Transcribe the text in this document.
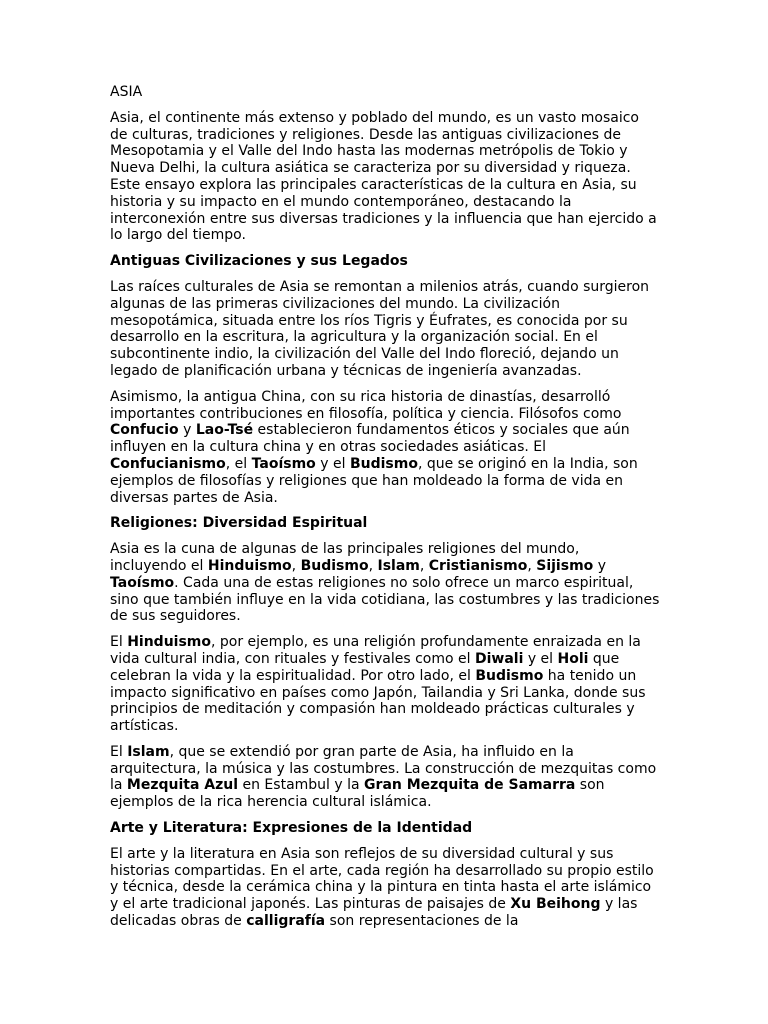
ASIA

Asia, el continente más extenso y poblado del mundo, es un vasto mosaico de culturas, tradiciones y religiones. Desde las antiguas civilizaciones de Mesopotamia y el Valle del Indo hasta las modernas metrópolis de Tokio y Nueva Delhi, la cultura asiática se caracteriza por su diversidad y riqueza. Este ensayo explora las principales características de la cultura en Asia, su historia y su impacto en el mundo contemporáneo, destacando la interconexión entre sus diversas tradiciones y la influencia que han ejercido a lo largo del tiempo.

Antiguas Civilizaciones y sus Legados

Las raíces culturales de Asia se remontan a milenios atrás, cuando surgieron algunas de las primeras civilizaciones del mundo. La civilización mesopotámica, situada entre los ríos Tigris y Éufrates, es conocida por su desarrollo en la escritura, la agricultura y la organización social. En el subcontinente indio, la civilización del Valle del Indo floreció, dejando un legado de planificación urbana y técnicas de ingeniería avanzadas.

Asimismo, la antigua China, con su rica historia de dinastías, desarrolló importantes contribuciones en filosofía, política y ciencia. Filósofos como Confucio y Lao-Tsé establecieron fundamentos éticos y sociales que aún influyen en la cultura china y en otras sociedades asiáticas. El Confucianismo, el Taoísmo y el Budismo, que se originó en la India, son ejemplos de filosofías y religiones que han moldeado la forma de vida en diversas partes de Asia.

Religiones: Diversidad Espiritual

Asia es la cuna de algunas de las principales religiones del mundo, incluyendo el Hinduismo, Budismo, Islam, Cristianismo, Sijismo y Taoísmo. Cada una de estas religiones no solo ofrece un marco espiritual, sino que también influye en la vida cotidiana, las costumbres y las tradiciones de sus seguidores.

El Hinduismo, por ejemplo, es una religión profundamente enraizada en la vida cultural india, con rituales y festivales como el Diwali y el Holi que celebran la vida y la espiritualidad. Por otro lado, el Budismo ha tenido un impacto significativo en países como Japón, Tailandia y Sri Lanka, donde sus principios de meditación y compasión han moldeado prácticas culturales y artísticas.

El Islam, que se extendió por gran parte de Asia, ha influido en la arquitectura, la música y las costumbres. La construcción de mezquitas como la Mezquita Azul en Estambul y la Gran Mezquita de Samarra son ejemplos de la rica herencia cultural islámica.

Arte y Literatura: Expresiones de la Identidad

El arte y la literatura en Asia son reflejos de su diversidad cultural y sus historias compartidas. En el arte, cada región ha desarrollado su propio estilo y técnica, desde la cerámica china y la pintura en tinta hasta el arte islámico y el arte tradicional japonés. Las pinturas de paisajes de Xu Beihong y las delicadas obras de calligrafía son representaciones de la
